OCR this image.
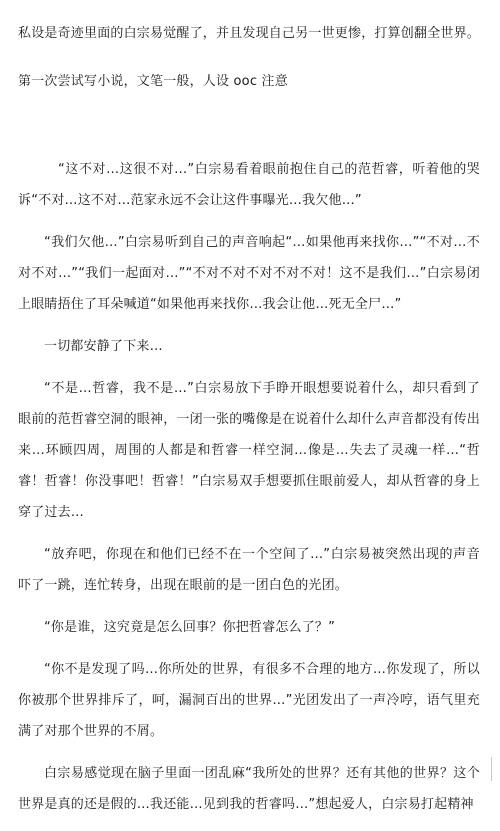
私设是奇迹里面的白宗易觉醒了，并且发现自己另一世更惨，打算创翻全世界。

第一次尝试写小说，文笔一般，人设 ooc 注意

“这不对…这很不对…”白宗易看着眼前抱住自己的范哲睿，听着他的哭诉“不对…这不对…范家永远不会让这件事曝光…我欠他…”

“我们欠他…”白宗易听到自己的声音响起“…如果他再来找你…”“不对…不对不对…”“我们一起面对…”“不对不对不对不对不对！这不是我们…”白宗易闭上眼睛捂住了耳朵喊道“如果他再来找你…我会让他…死无全尸…”

一切都安静了下来…

“不是…哲睿，我不是…”白宗易放下手睁开眼想要说着什么，却只看到了眼前的范哲睿空洞的眼神，一闭一张的嘴像是在说着什么却什么声音都没有传出来…环顾四周，周围的人都是和哲睿一样空洞…像是…失去了灵魂一样…“哲睿！哲睿！你没事吧！哲睿！”白宗易双手想要抓住眼前爱人，却从哲睿的身上穿了过去…

“放弃吧，你现在和他们已经不在一个空间了…”白宗易被突然出现的声音吓了一跳，连忙转身，出现在眼前的是一团白色的光团。

“你是谁，这究竟是怎么回事？你把哲睿怎么了？”

“你不是发现了吗…你所处的世界，有很多不合理的地方…你发现了，所以你被那个世界排斥了，呵，漏洞百出的世界…”光团发出了一声冷哼，语气里充满了对那个世界的不屑。

白宗易感觉现在脑子里面一团乱麻“我所处的世界？还有其他的世界？这个世界是真的还是假的…我还能…见到我的哲睿吗…”想起爱人，白宗易打起精神
